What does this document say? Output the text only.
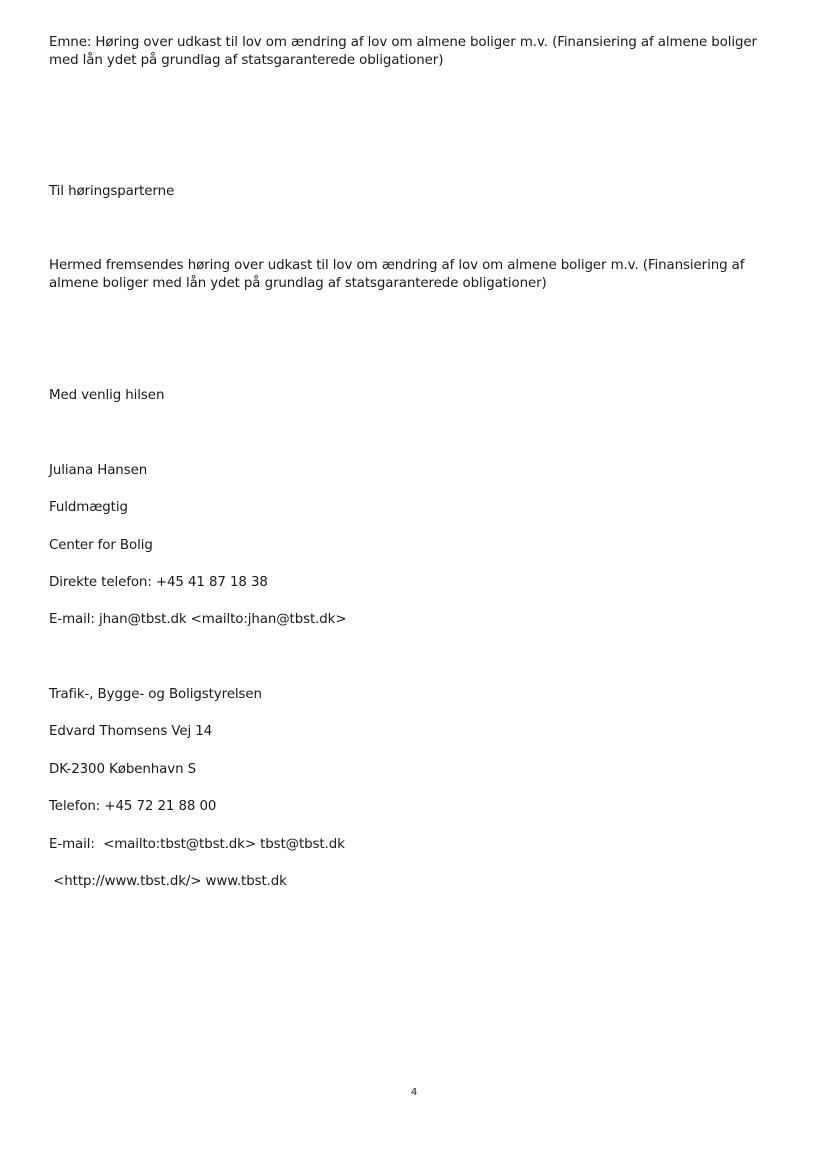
Emne: Høring over udkast til lov om ændring af lov om almene boliger m.v. (Finansiering af almene boliger med lån ydet på grundlag af statsgaranterede obligationer)
Til høringsparterne
Hermed fremsendes høring over udkast til lov om ændring af lov om almene boliger m.v. (Finansiering af almene boliger med lån ydet på grundlag af statsgaranterede obligationer)
Med venlig hilsen
Juliana Hansen
Fuldmægtig
Center for Bolig
Direkte telefon: +45 41 87 18 38
E-mail: jhan@tbst.dk <mailto:jhan@tbst.dk>
Trafik-, Bygge- og Boligstyrelsen
Edvard Thomsens Vej 14
DK-2300 København S
Telefon: +45 72 21 88 00
E-mail:  <mailto:tbst@tbst.dk> tbst@tbst.dk
<http://www.tbst.dk/> www.tbst.dk
4
